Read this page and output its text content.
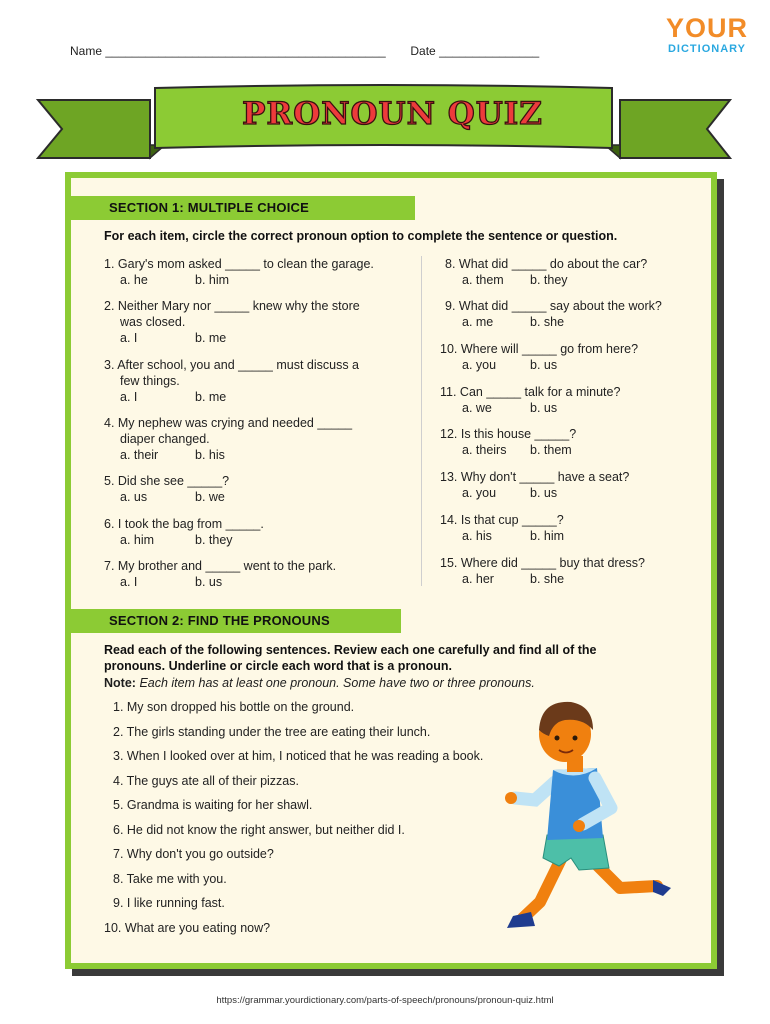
Name __________________________________________ Date _______________
YOUR
DICTIONARY
PRONOUN QUIZ
SECTION 1: MULTIPLE CHOICE
For each item, circle the correct pronoun option to complete the sentence or question.
1. Gary's mom asked _____ to clean the garage.
a. he	b. him
2. Neither Mary nor _____ knew why the store
was closed.
a. I	b. me
3. After school, you and _____ must discuss a
few things.
a. I	b. me
4. My nephew was crying and needed _____
diaper changed.
a. their	b. his
5. Did she see _____?
a. us	b. we
6. I took the bag from _____.
a. him	b. they
7. My brother and _____ went to the park.
a. I	b. us
8. What did _____ do about the car?
a. them b. they
9. What did _____ say about the work?
a. me	b. she
10. Where will _____ go from here?
a. you	b. us
11. Can _____ talk for a minute?
a. we	b. us
12. Is this house _____?
a. theirs b. them
13. Why don't _____ have a seat?
a. you	b. us
14. Is that cup _____?
a. his	b. him
15. Where did _____ buy that dress?
a. her	b. she
SECTION 2: FIND THE PRONOUNS
Read each of the following sentences. Review each one carefully and find all of the
pronouns. Underline or circle each word that is a pronoun.
Note: Each item has at least one pronoun. Some have two or three pronouns.
1. My son dropped his bottle on the ground.
2. The girls standing under the tree are eating their lunch.
3. When I looked over at him, I noticed that he was reading a book.
4. The guys ate all of their pizzas.
5. Grandma is waiting for her shawl.
6. He did not know the right answer, but neither did I.
7. Why don't you go outside?
8. Take me with you.
9. I like running fast.
10. What are you eating now?
https://grammar.yourdictionary.com/parts-of-speech/pronouns/pronoun-quiz.html
